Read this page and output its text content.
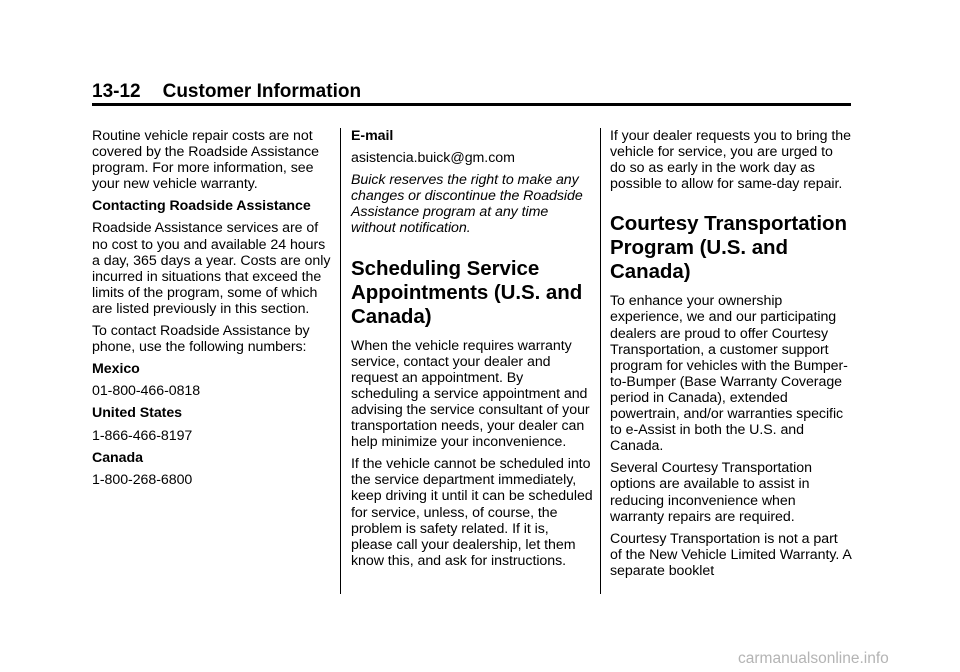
13-12 Customer Information

Routine vehicle repair costs are not covered by the Roadside Assistance program. For more information, see your new vehicle warranty.

Contacting Roadside Assistance

Roadside Assistance services are of no cost to you and available 24 hours a day, 365 days a year. Costs are only incurred in situations that exceed the limits of the program, some of which are listed previously in this section.

To contact Roadside Assistance by phone, use the following numbers:

Mexico

01-800-466-0818

United States

1-866-466-8197

Canada

1-800-268-6800

E-mail

asistencia.buick@gm.com

Buick reserves the right to make any changes or discontinue the Roadside Assistance program at any time without notification.

Scheduling Service Appointments (U.S. and Canada)

When the vehicle requires warranty service, contact your dealer and request an appointment. By scheduling a service appointment and advising the service consultant of your transportation needs, your dealer can help minimize your inconvenience.

If the vehicle cannot be scheduled into the service department immediately, keep driving it until it can be scheduled for service, unless, of course, the problem is safety related. If it is, please call your dealership, let them know this, and ask for instructions.

If your dealer requests you to bring the vehicle for service, you are urged to do so as early in the work day as possible to allow for same-day repair.

Courtesy Transportation Program (U.S. and Canada)

To enhance your ownership experience, we and our participating dealers are proud to offer Courtesy Transportation, a customer support program for vehicles with the Bumper-to-Bumper (Base Warranty Coverage period in Canada), extended powertrain, and/or warranties specific to e-Assist in both the U.S. and Canada.

Several Courtesy Transportation options are available to assist in reducing inconvenience when warranty repairs are required.

Courtesy Transportation is not a part of the New Vehicle Limited Warranty. A separate booklet

carmanualsonline.info
